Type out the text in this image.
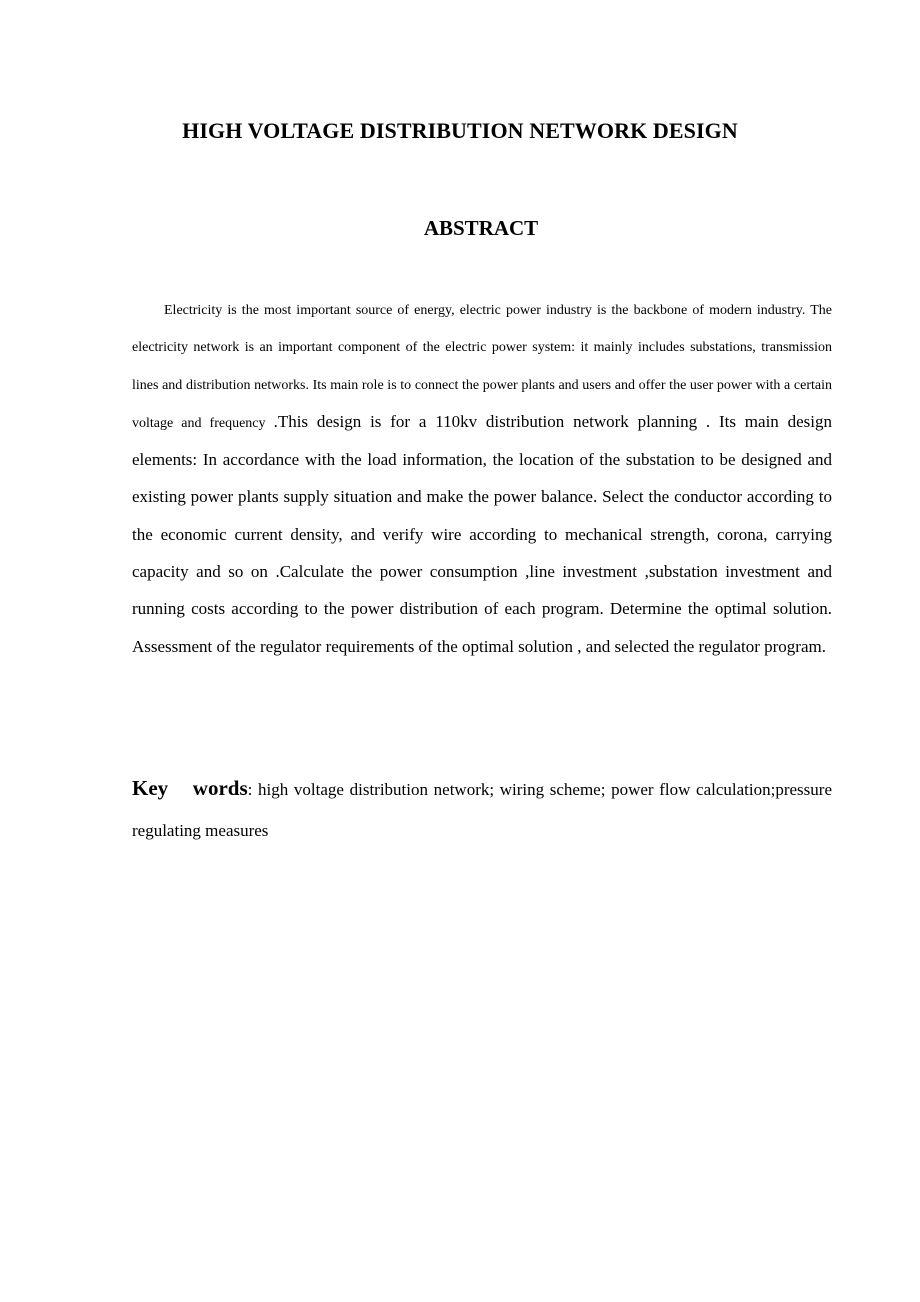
HIGH VOLTAGE DISTRIBUTION NETWORK DESIGN
ABSTRACT

Electricity is the most important source of energy, electric power industry is the backbone of modern industry. The electricity network is an important component of the electric power system: it mainly includes substations, transmission lines and distribution networks. Its main role is to connect the power plants and users and offer the user power with a certain voltage and frequency .This design is for a 110kv distribution network planning . Its main design elements: In accordance with the load information, the location of the substation to be designed and existing power plants supply situation and make the power balance. Select the conductor according to the economic current density, and verify wire according to mechanical strength, corona, carrying capacity and so on .Calculate the power consumption ,line investment ,substation investment and running costs according to the power distribution of each program. Determine the optimal solution. Assessment of the regulator requirements of the optimal solution , and selected the regulator program.

Key words: high voltage distribution network; wiring scheme; power flow calculation;pressure regulating measures
